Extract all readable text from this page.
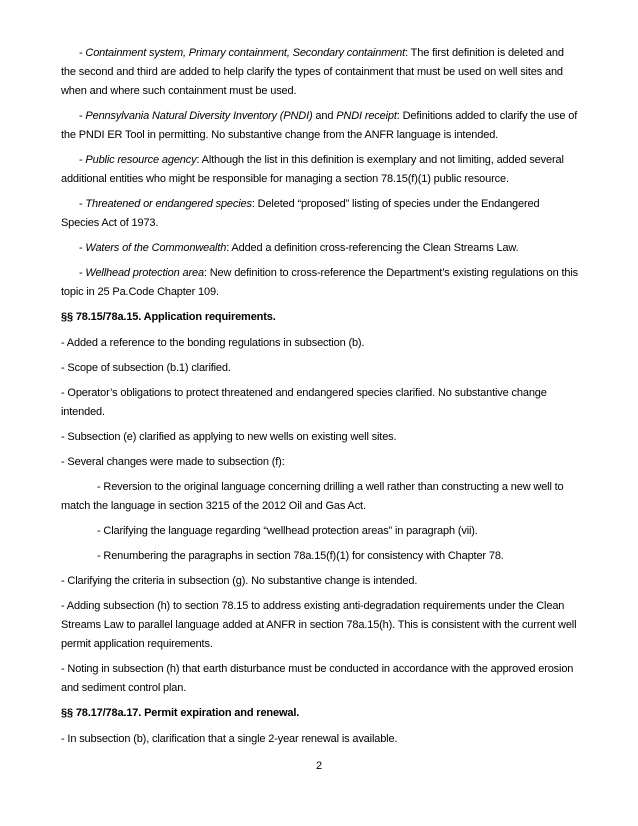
- Containment system, Primary containment, Secondary containment: The first definition is deleted and the second and third are added to help clarify the types of containment that must be used on well sites and when and where such containment must be used.

- Pennsylvania Natural Diversity Inventory (PNDI) and PNDI receipt: Definitions added to clarify the use of the PNDI ER Tool in permitting. No substantive change from the ANFR language is intended.

- Public resource agency: Although the list in this definition is exemplary and not limiting, added several additional entities who might be responsible for managing a section 78.15(f)(1) public resource.

- Threatened or endangered species: Deleted “proposed” listing of species under the Endangered Species Act of 1973.

- Waters of the Commonwealth: Added a definition cross-referencing the Clean Streams Law.

- Wellhead protection area: New definition to cross-reference the Department’s existing regulations on this topic in 25 Pa.Code Chapter 109.

§§ 78.15/78a.15. Application requirements.

- Added a reference to the bonding regulations in subsection (b).

- Scope of subsection (b.1) clarified.

- Operator’s obligations to protect threatened and endangered species clarified. No substantive change intended.

- Subsection (e) clarified as applying to new wells on existing well sites.

- Several changes were made to subsection (f):

- Reversion to the original language concerning drilling a well rather than constructing a new well to match the language in section 3215 of the 2012 Oil and Gas Act.

- Clarifying the language regarding “wellhead protection areas” in paragraph (vii).

- Renumbering the paragraphs in section 78a.15(f)(1) for consistency with Chapter 78.

- Clarifying the criteria in subsection (g). No substantive change is intended.

- Adding subsection (h) to section 78.15 to address existing anti-degradation requirements under the Clean Streams Law to parallel language added at ANFR in section 78a.15(h). This is consistent with the current well permit application requirements.

- Noting in subsection (h) that earth disturbance must be conducted in accordance with the approved erosion and sediment control plan.

§§ 78.17/78a.17. Permit expiration and renewal.

- In subsection (b), clarification that a single 2-year renewal is available.

2
